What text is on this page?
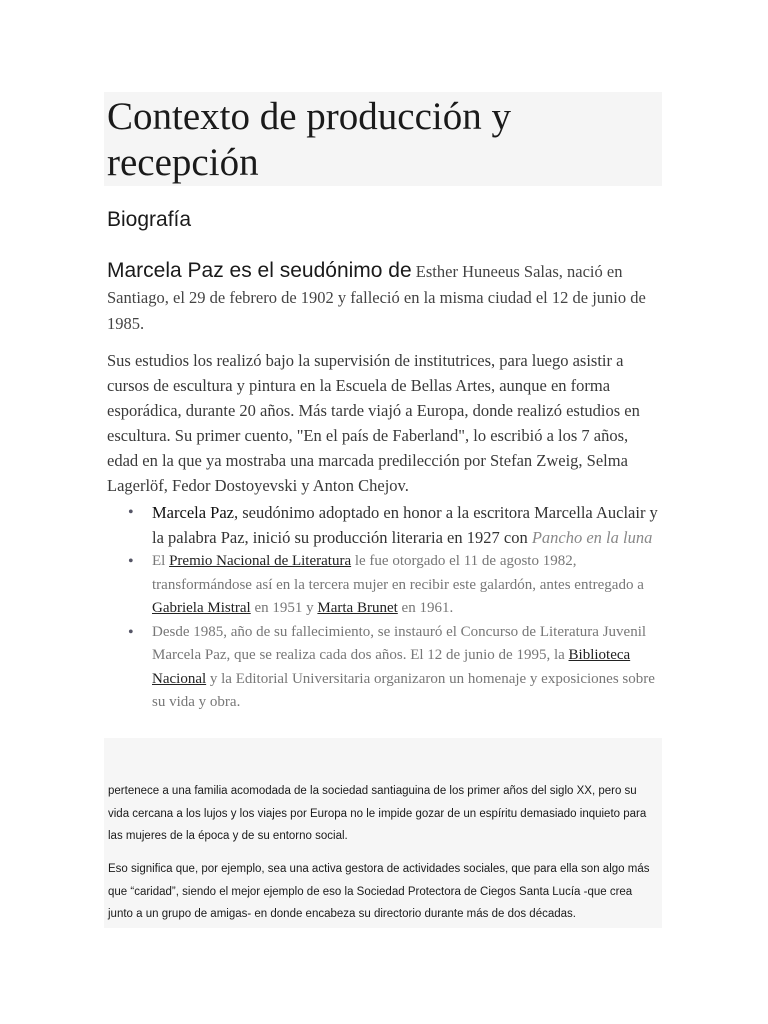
Contexto de producción y recepción
Biografía

Marcela Paz es el seudónimo de Esther Huneeus Salas, nació en Santiago, el 29 de febrero de 1902 y falleció en la misma ciudad el 12 de junio de 1985.

Sus estudios los realizó bajo la supervisión de institutrices, para luego asistir a cursos de escultura y pintura en la Escuela de Bellas Artes, aunque en forma esporádica, durante 20 años. Más tarde viajó a Europa, donde realizó estudios en escultura. Su primer cuento, "En el país de Faberland", lo escribió a los 7 años, edad en la que ya mostraba una marcada predilección por Stefan Zweig, Selma Lagerlöf, Fedor Dostoyevski y Anton Chejov.

• Marcela Paz, seudónimo adoptado en honor a la escritora Marcella Auclair y la palabra Paz, inició su producción literaria en 1927 con Pancho en la luna
• El Premio Nacional de Literatura le fue otorgado el 11 de agosto 1982, transformándose así en la tercera mujer en recibir este galardón, antes entregado a Gabriela Mistral en 1951 y Marta Brunet en 1961.
• Desde 1985, año de su fallecimiento, se instauró el Concurso de Literatura Juvenil Marcela Paz, que se realiza cada dos años. El 12 de junio de 1995, la Biblioteca Nacional y la Editorial Universitaria organizaron un homenaje y exposiciones sobre su vida y obra.

pertenece a una familia acomodada de la sociedad santiaguina de los primer años del siglo XX, pero su vida cercana a los lujos y los viajes por Europa no le impide gozar de un espíritu demasiado inquieto para las mujeres de la época y de su entorno social.

Eso significa que, por ejemplo, sea una activa gestora de actividades sociales, que para ella son algo más que “caridad”, siendo el mejor ejemplo de eso la Sociedad Protectora de Ciegos Santa Lucía -que crea junto a un grupo de amigas- en donde encabeza su directorio durante más de dos décadas.
